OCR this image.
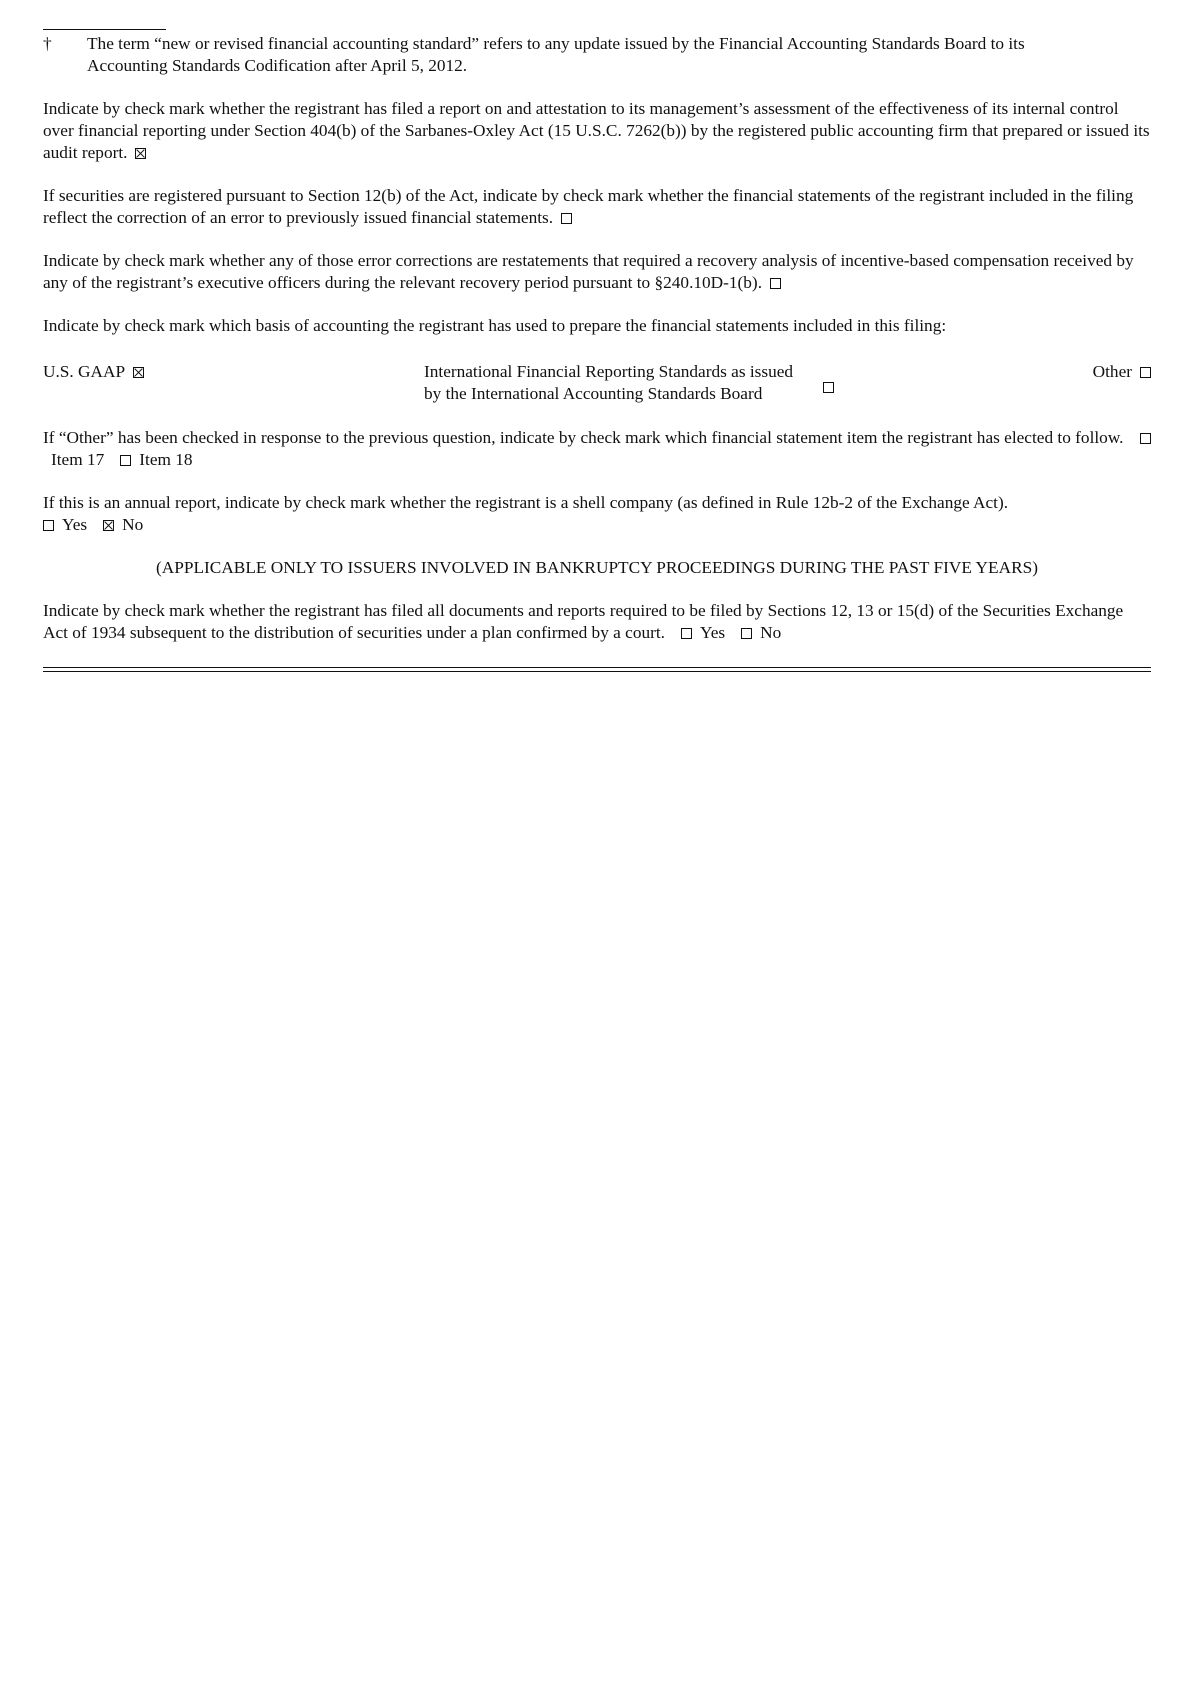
† The term “new or revised financial accounting standard” refers to any update issued by the Financial Accounting Standards Board to its
Accounting Standards Codification after April 5, 2012.
Indicate by check mark whether the registrant has filed a report on and attestation to its management’s assessment of the effectiveness of its internal control over financial reporting under Section 404(b) of the Sarbanes-Oxley Act (15 U.S.C. 7262(b)) by the registered public accounting firm that prepared or issued its audit report.
If securities are registered pursuant to Section 12(b) of the Act, indicate by check mark whether the financial statements of the registrant included in the filing reflect the correction of an error to previously issued financial statements.
Indicate by check mark whether any of those error corrections are restatements that required a recovery analysis of incentive-based compensation received by any of the registrant’s executive officers during the relevant recovery period pursuant to §240.10D-1(b).
Indicate by check mark which basis of accounting the registrant has used to prepare the financial statements included in this filing:
U.S. GAAP	International Financial Reporting Standards as issued
by the International Accounting Standards Board
Other
If “Other” has been checked in response to the previous question, indicate by check mark which financial statement item the registrant has elected to follow.Item 17 Item 18
If this is an annual report, indicate by check mark whether the registrant is a shell company (as defined in Rule 12b-2 of the Exchange Act).
Yes No
(APPLICABLE ONLY TO ISSUERS INVOLVED IN BANKRUPTCY PROCEEDINGS DURING THE PAST FIVE YEARS)
Indicate by check mark whether the registrant has filed all documents and reports required to be filed by Sections 12, 13 or 15(d) of the Securities Exchange Act of 1934 subsequent to the distribution of securities under a plan confirmed by a court. Yes No
